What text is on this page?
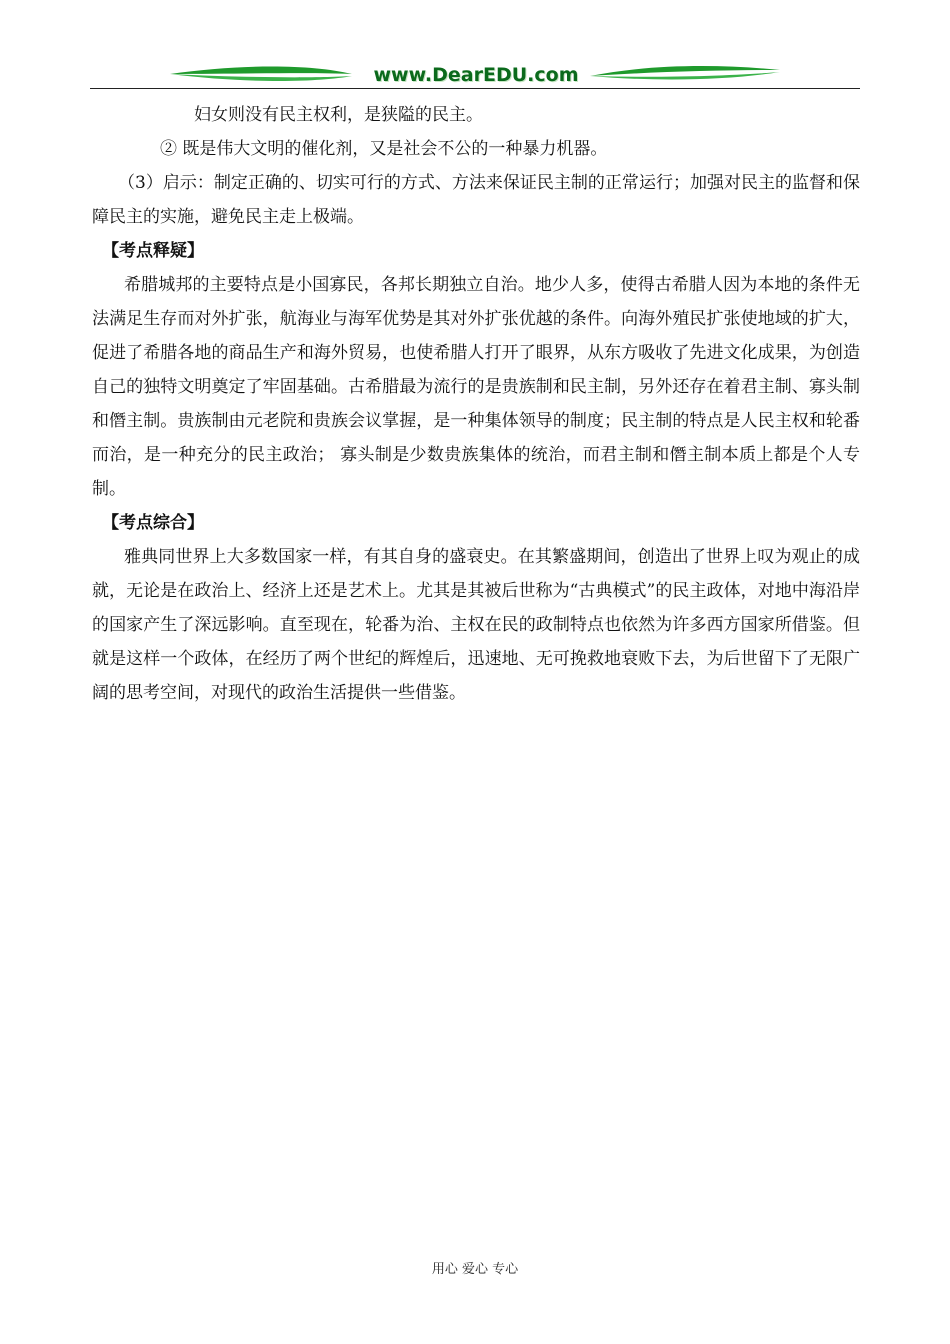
www.DearEDU.com

妇女则没有民主权利，是狭隘的民主。

② 既是伟大文明的催化剂，又是社会不公的一种暴力机器。

（3）启示：制定正确的、切实可行的方式、方法来保证民主制的正常运行；加强对民主的监督和保障民主的实施，避免民主走上极端。

【考点释疑】

希腊城邦的主要特点是小国寡民，各邦长期独立自治。地少人多，使得古希腊人因为本地的条件无法满足生存而对外扩张，航海业与海军优势是其对外扩张优越的条件。向海外殖民扩张使地域的扩大，促进了希腊各地的商品生产和海外贸易，也使希腊人打开了眼界，从东方吸收了先进文化成果，为创造自己的独特文明奠定了牢固基础。古希腊最为流行的是贵族制和民主制，另外还存在着君主制、寡头制和僭主制。贵族制由元老院和贵族会议掌握，是一种集体领导的制度；民主制的特点是人民主权和轮番而治，是一种充分的民主政治； 寡头制是少数贵族集体的统治，而君主制和僭主制本质上都是个人专制。

【考点综合】

雅典同世界上大多数国家一样，有其自身的盛衰史。在其繁盛期间，创造出了世界上叹为观止的成就，无论是在政治上、经济上还是艺术上。尤其是其被后世称为“古典模式”的民主政体，对地中海沿岸的国家产生了深远影响。直至现在，轮番为治、主权在民的政制特点也依然为许多西方国家所借鉴。但就是这样一个政体，在经历了两个世纪的辉煌后，迅速地、无可挽救地衰败下去，为后世留下了无限广阔的思考空间，对现代的政治生活提供一些借鉴。

用心 爱心 专心
